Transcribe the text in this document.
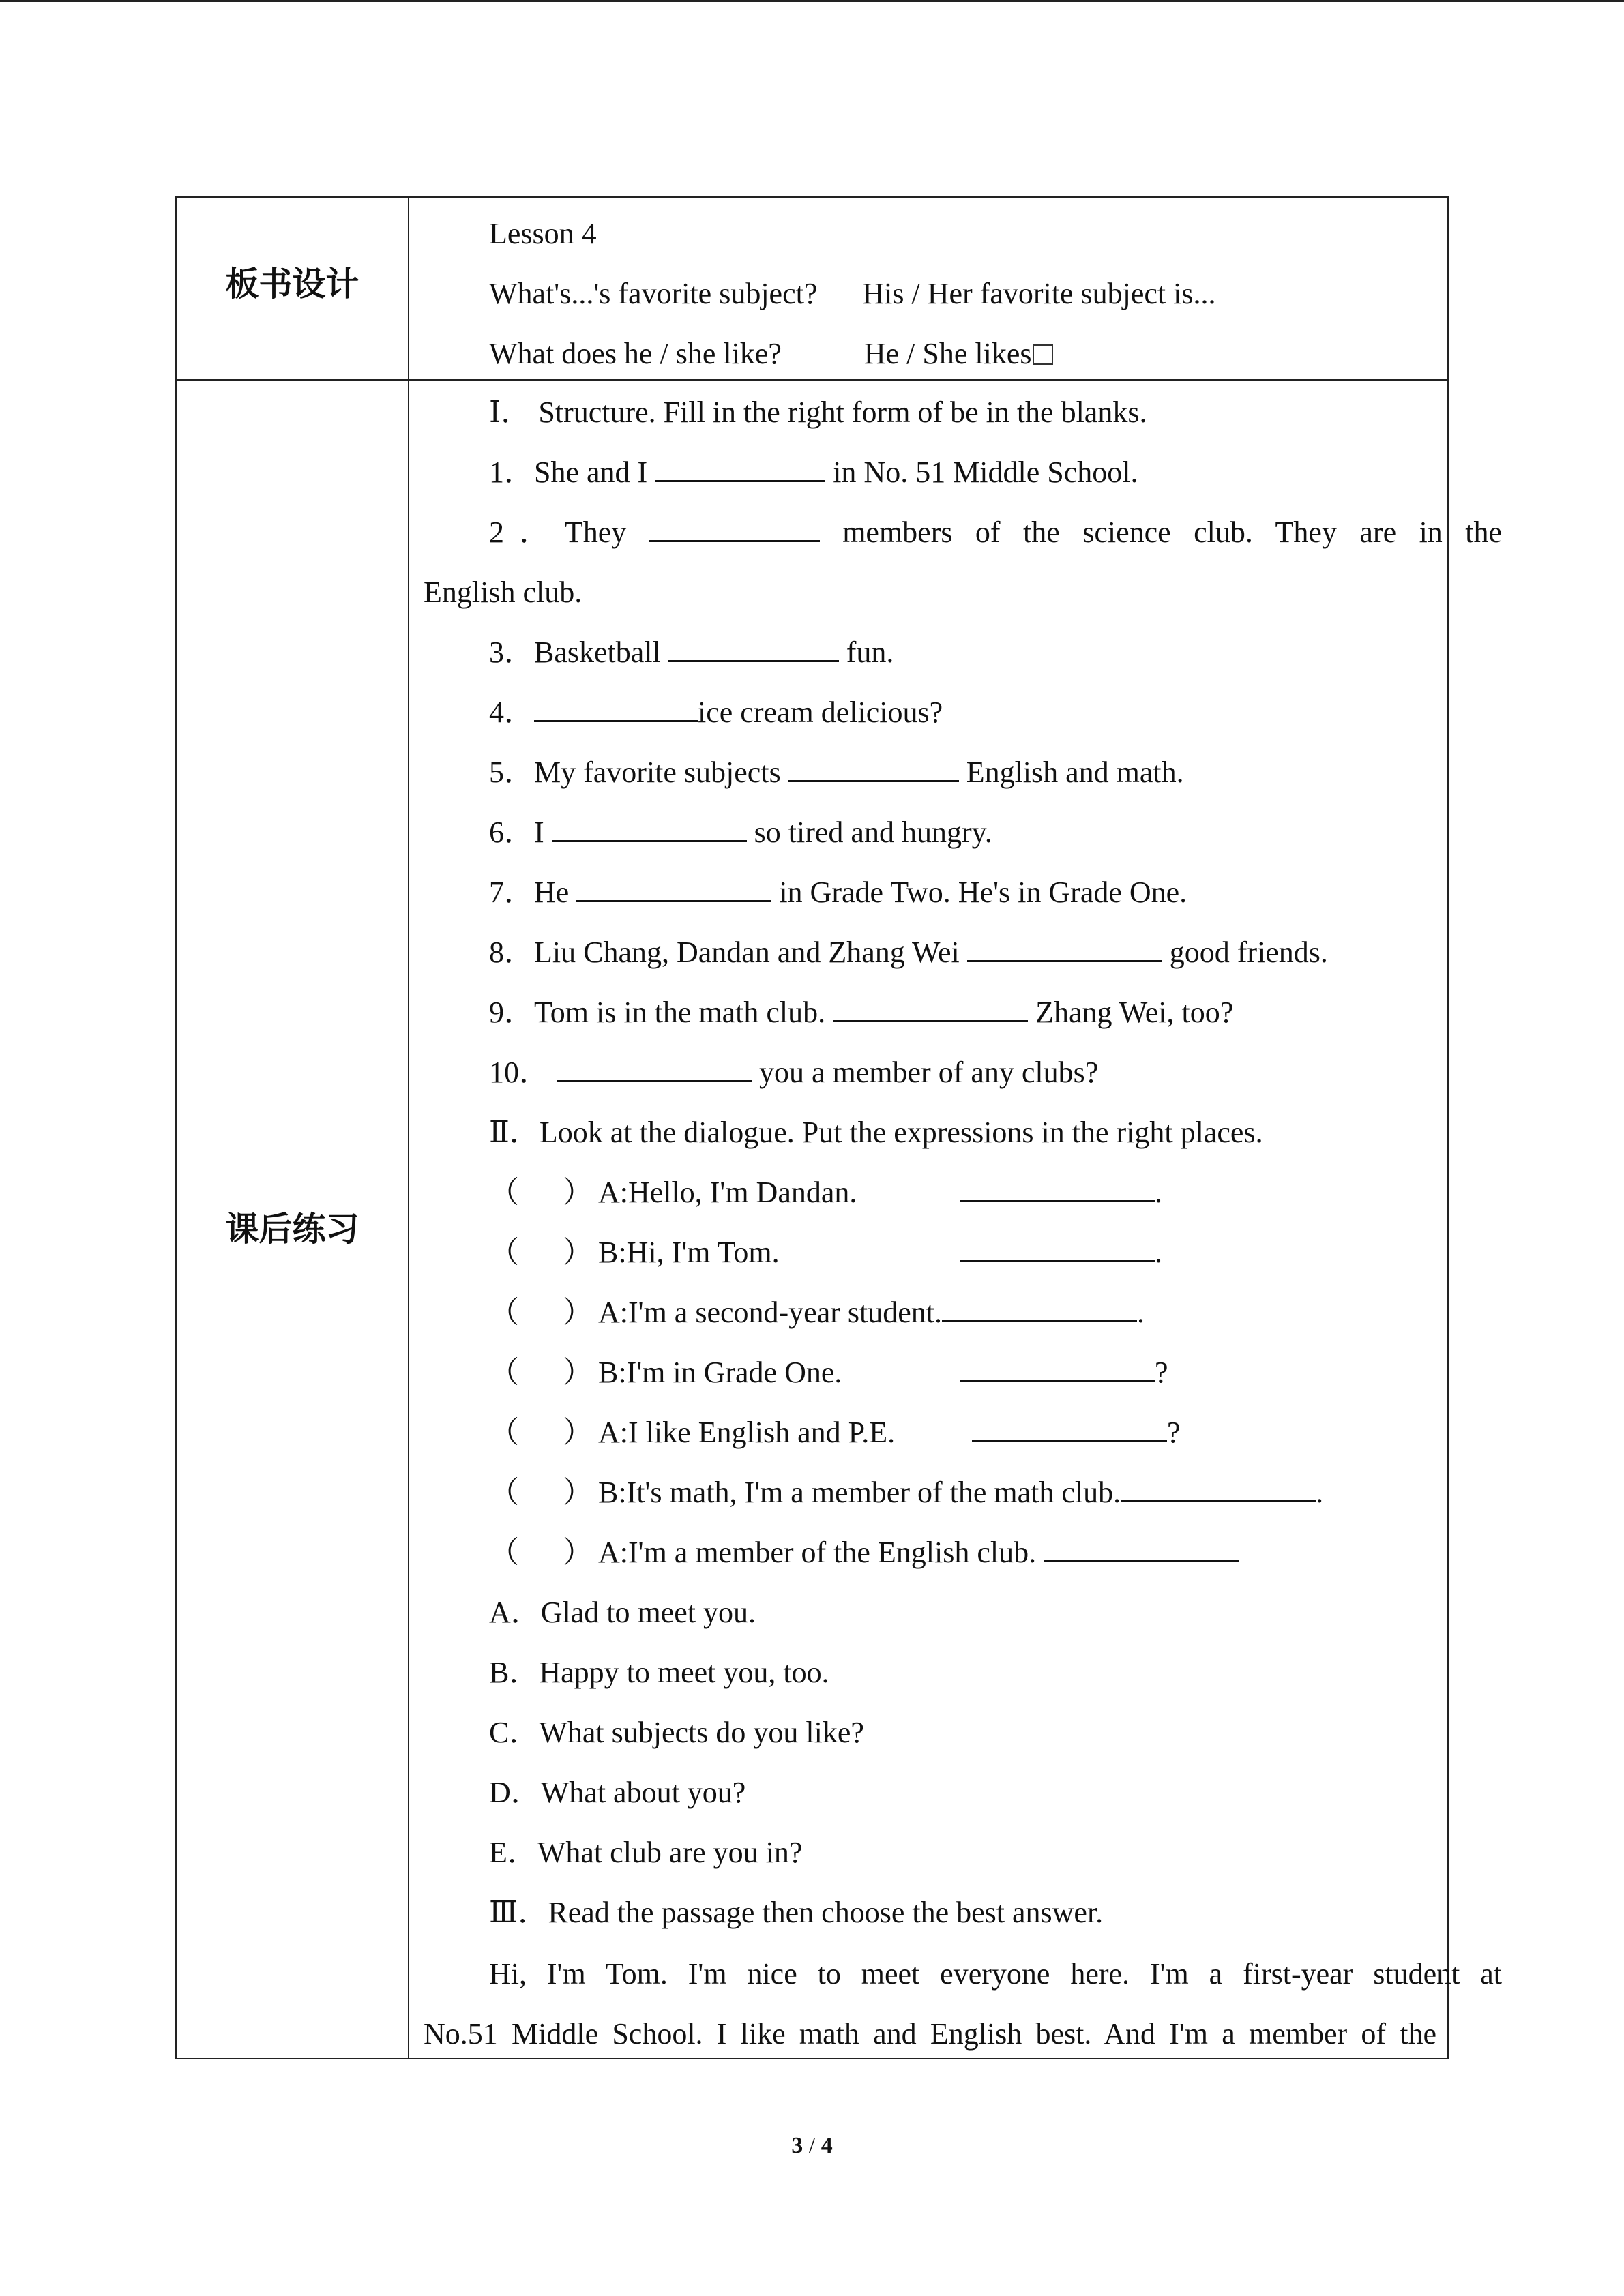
板书设计
Lesson 4
What's...'s favorite subject?      His / Her favorite subject is...
What does he / she like?           He / She likes
课后练习
Ⅰ． Structure. Fill in the right form of be in the blanks.
1．She and I	in No. 51 Middle School.
2．They	members of the science club. They are in the
English club.
3．Basketball	fun.
4．	ice cream delicious?
5．My favorite subjects	English and math.
6．I	so tired and hungry.
7．He	in Grade Two. He's in Grade One.
8．Liu Chang, Dandan and Zhang Wei	good friends.
9．Tom is in the math club.	Zhang Wei, too?
10．	you a member of any clubs?
Ⅱ．Look at the dialogue. Put the expressions in the right places.
（ ） A:Hello, I'm Dandan.	.
（ ） B:Hi, I'm Tom.	.
（ ） A:I'm a second-year student.	.
（ ） B:I'm in Grade One.	?
（ ） A:I like English and P.E.	?
（ ） B:It's math, I'm a member of the math club.	.
（ ） A:I'm a member of the English club.
A．Glad to meet you.
B．Happy to meet you, too.
C．What subjects do you like?
D．What about you?
E．What club are you in?
Ⅲ．Read the passage then choose the best answer.
Hi, I'm Tom. I'm nice to meet everyone here. I'm a first-year student at
No.51 Middle School. I like math and English best. And I'm a member of the
3 / 4
